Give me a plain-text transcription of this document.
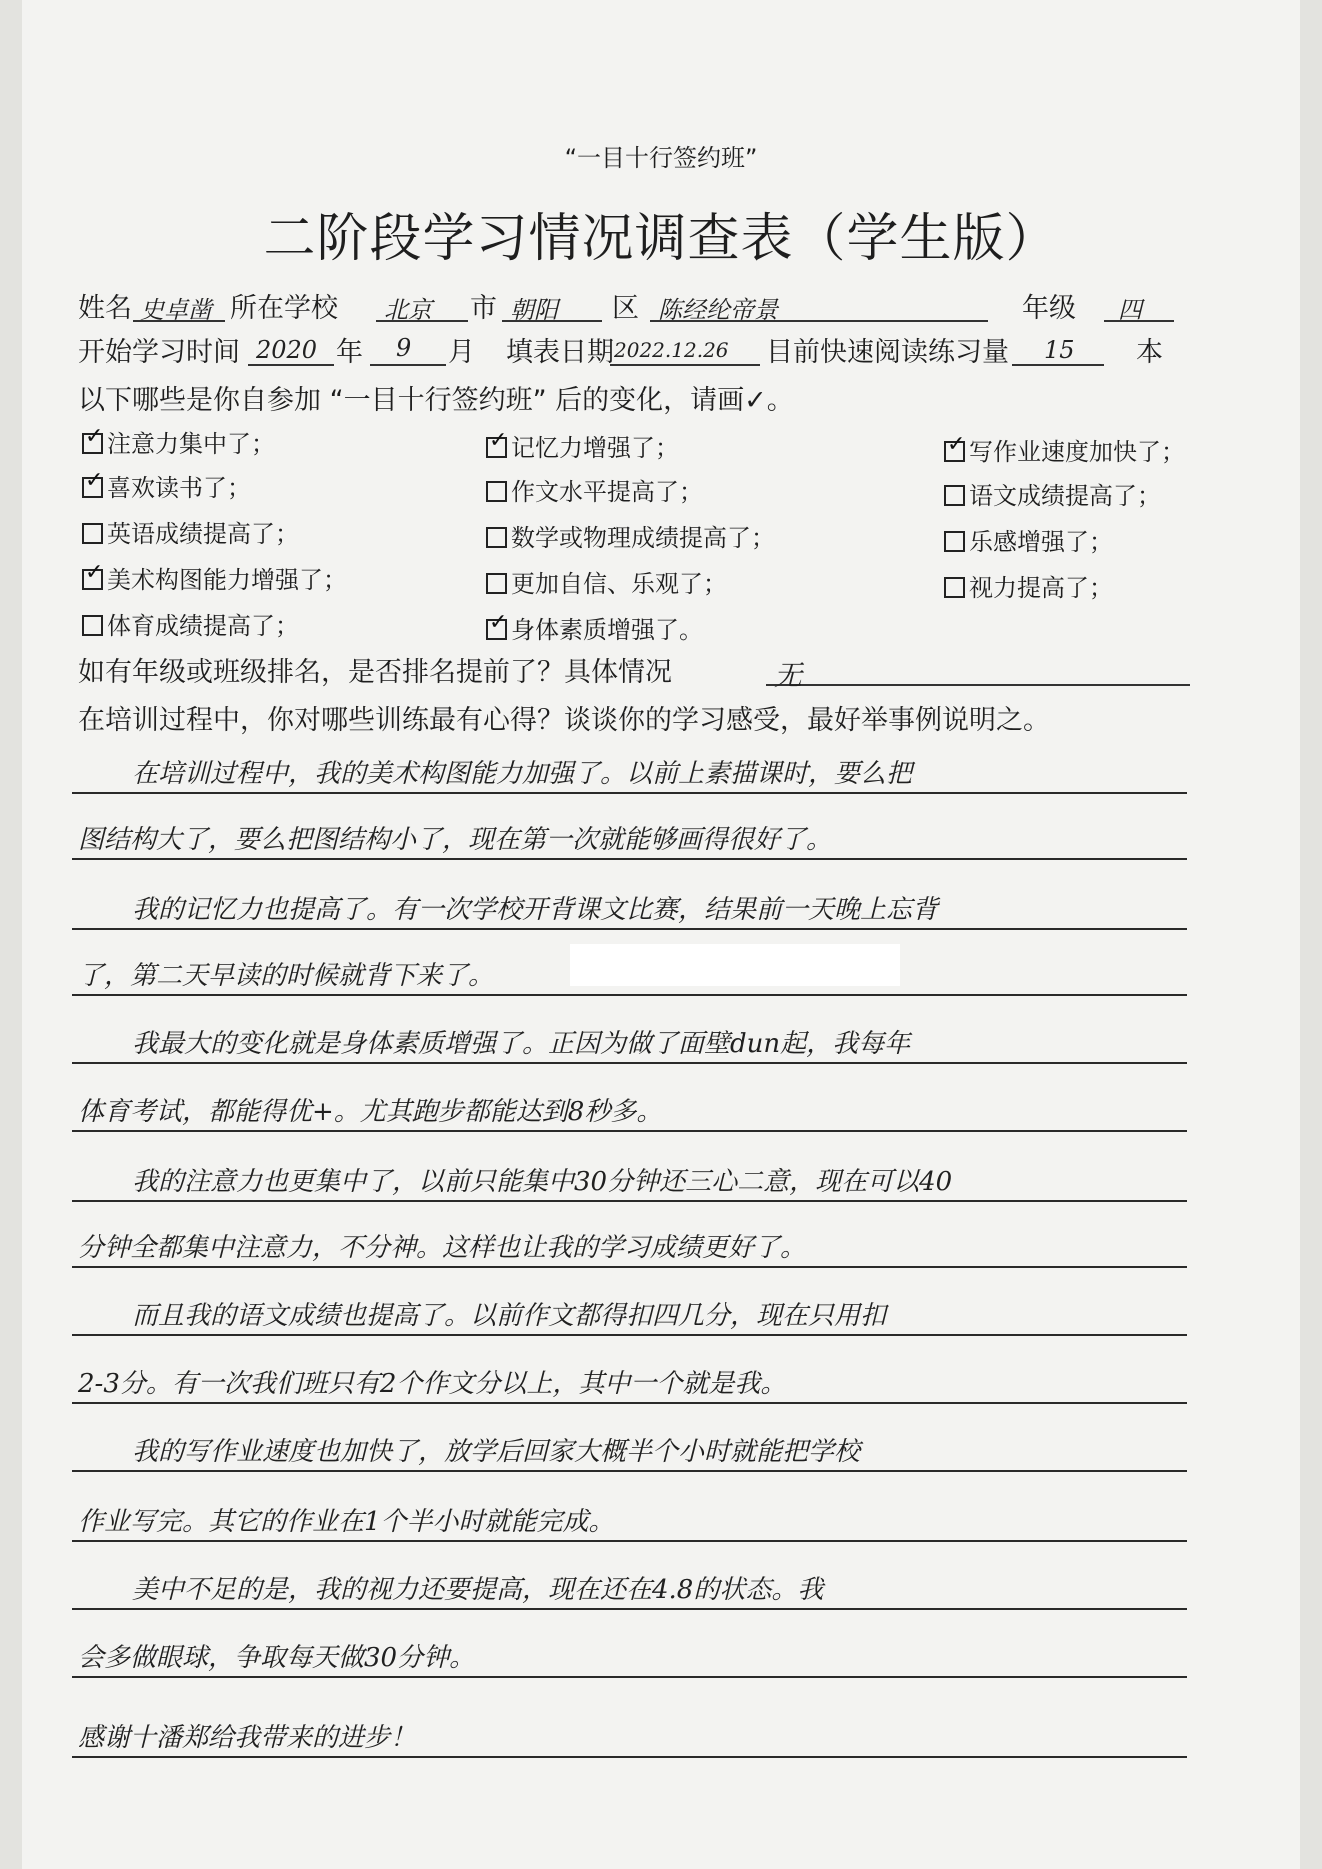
“一目十行签约班”
二阶段学习情况调查表（学生版）
姓名 史卓凿 所在学校 北京 市 朝阳 区 陈经纶帝景	年级 四
开始学习时间 2020 年 9 月 填表日期 2022.12.26 目前快速阅读练习量 15 本
以下哪些是你自参加 “一目十行签约班” 后的变化，请画✓。
✓注意力集中了； ✓	记忆力增强了； ✓	写作业速度加快了；
✓喜欢读书了；	作文水平提高了；	语文成绩提高了；
英语成绩提高了；	数学或物理成绩提高了；	乐感增强了；
✓美术构图能力增强了；	更加自信、乐观了；	视力提高了；
体育成绩提高了； ✓	身体素质增强了。
如有年级或班级排名，是否排名提前了？具体情况	无
在培训过程中，你对哪些训练最有心得？谈谈你的学习感受，最好举事例说明之。
在培训过程中，我的美术构图能力加强了。以前上素描课时，要么把
图结构大了，要么把图结构小了，现在第一次就能够画得很好了。
我的记忆力也提高了。有一次学校开背课文比赛，结果前一天晚上忘背
了，第二天早读的时候就背下来了。
我最大的变化就是身体素质增强了。正因为做了面壁dun起，我每年
体育考试，都能得优+。尤其跑步都能达到8秒多。
我的注意力也更集中了，以前只能集中30分钟还三心二意，现在可以40
分钟全都集中注意力，不分神。这样也让我的学习成绩更好了。
而且我的语文成绩也提高了。以前作文都得扣四几分，现在只用扣
2-3分。有一次我们班只有2个作文分以上，其中一个就是我。
我的写作业速度也加快了，放学后回家大概半个小时就能把学校
作业写完。其它的作业在1个半小时就能完成。
美中不足的是，我的视力还要提高，现在还在4.8的状态。我
会多做眼球，争取每天做30分钟。
感谢十潘郑给我带来的进步！
